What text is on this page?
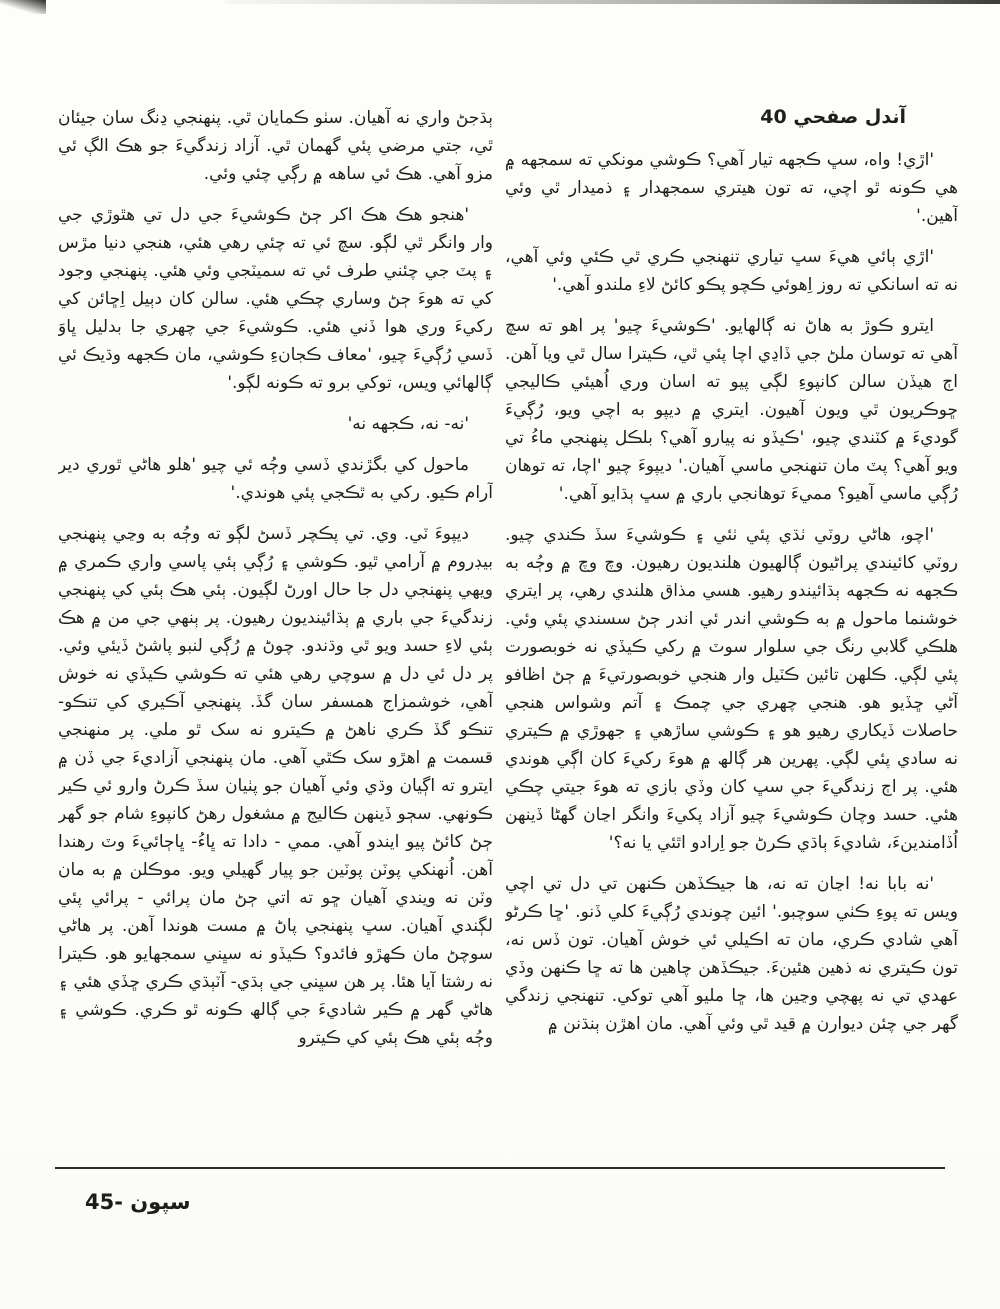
آندل صفحي 40

'اڙي! واه، سڀ ڪجهه تيار آهي؟ ڪوشي مونکي ته سمجهه ۾ هي ڪونه ٿو اچي، ته تون هيتري سمجهدار ۽ ذميدار ٿي وئي آهين.'

'اڙي ٻائي هيءَ سڀ تياري تنهنجي ڪري ٿي ڪئي وئي آهي، نه ته اسانکي ته روز اِهوئي ڪچو پڪو کائڻ لاءِ ملندو آهي.'

ايترو ڪوڙ به هاڻ نه ڳالهايو. 'ڪوشيءَ چيو' پر اهو ته سچ آهي ته توسان ملڻ جي ڏاڍي اچا پئي ٿي، ڪيترا سال ٿي ويا آهن. اڄ هيڏن سالن کانپوءِ لڳي پيو ته اسان وري اُهيئي ڪاليجي ڇوڪريون ٿي ويون آهيون. ايتري ۾ ديپو به اچي ويو، رُڳيءَ گوديءَ ۾ کٽندي چيو، 'ڪيڏو نه پيارو آهي؟ بلڪل پنهنجي ماءُ تي ويو آهي؟ پٽ مان تنهنجي ماسي آهيان.' ديپوءَ چيو 'اچا، ته توهان رُڳي ماسي آهيو؟ مميءَ توهانجي باري ۾ سڀ ٻڌايو آهي.'

'اچو، هاڻي روٽي ٺڌي پئي ٺئي ۽ ڪوشيءَ سڏ ڪندي چيو. روٽي کائيندي پراڻيون ڳالهيون هلنديون رهيون. وچ وچ ۾ وڄُه به ڪجهه نه ڪجهه ٻڌائيندو رهيو. هسي مذاق هلندي رهي، پر ايتري خوشنما ماحول ۾ به ڪوشي اندر ئي اندر ڄڻ سسندي پئي وئي. هلڪي گلابي رنگ جي سلوار سوٽ ۾ رکي ڪيڏي نه خوبصورت پئي لڳي. ڪلهن تائين ڪٽيل وار هنجي خوبصورتيءَ ۾ ڄڻ اظافو آڻي ڇڏيو هو. هنجي چهري جي چمڪ ۽ آتم وشواس هنجي حاصلات ڏيکاري رهيو هو ۽ ڪوشي ساڙهي ۽ جهوڙي ۾ ڪيتري نه سادي پئي لڳي. پهرين هر ڳالھ ۾ هوءَ رکيءَ کان اڳي هوندي هئي. پر اڄ زندگيءَ جي سڀ کان وڏي بازي ته هوءَ جيتي چڪي هئي. حسد وچان ڪوشيءَ چيو آزاد پکيءَ وانگر اڃان گهڻا ڏينهن اُڏامندينءَ، شاديءَ ٻاڌي ڪرڻ جو اِرادو اٿئي يا نه؟'

'نه بابا نه! اڃان ته نه، ها جيڪڏهن ڪنهن تي دل تي اچي ويس ته پوءِ ڪٺي سوچبو.' ائين چوندي رُڳيءَ کلي ڏنو. 'ڇا ڪرڻو آهي شادي ڪري، مان ته اڪيلي ئي خوش آهيان. تون ڏس نه، تون ڪيتري نه ذهين هئينءَ. جيڪڏهن چاهين ها ته ڇا ڪنهن وڏي عهدي تي نه پهچي وڃين ها، ڇا مليو آهي توکي. تنهنجي زندگي گهر جي چئن ديوارن ۾ قيد ٿي وئي آهي. مان اهڙن ٻنڌنن ۾

ٻڌجڻ واري نه آهيان. سٺو ڪمايان ٿي. پنهنجي ڍنگ سان جيئان ٿي، جتي مرضي پئي گهمان ٿي. آزاد زندگيءَ جو هڪ الڳ ئي مزو آهي. هڪ ئي ساهه ۾ رڳي چئي وئي.

'هنجو هڪ هڪ اکر ڄڻ ڪوشيءَ جي دل تي هٿوڙي جي وار وانگر ٿي لڳو. سچ ئي ته چئي رهي هئي، هنجي دنيا مڙس ۽ پٽ جي چئني طرف ئي ته سميٽجي وئي هئي. پنهنجي وجود کي ته هوءَ ڄڻ وساري چڪي هئي. سالن کان دٻيل اِڇائن کي رکيءَ وري هوا ڏني هئي. ڪوشيءَ جي چهري جا بدليل ڀاوَ ڏسي رُڳيءَ چيو، 'معاف ڪجانءِ ڪوشي، مان ڪجهه وڌيڪ ئي ڳالهائي ويس، توکي برو ته ڪونه لڳو.'

'نه- نه، ڪجهه نه'

ماحول کي بگڙندي ڏسي وڄُه ئي چيو 'هلو هاڻي ٿوري دير آرام ڪيو. رکي به ٿڪجي پئي هوندي.'

ديپوءَ ٽي. وي. تي پڪچر ڏسڻ لڳو ته وڄُه به وڃي پنهنجي بيڊروم ۾ آرامي ٿيو. ڪوشي ۽ رُڳي ٻئي پاسي واري ڪمري ۾ ويهي پنهنجي دل جا حال اورڻ لڳيون. ٻئي هڪ ٻئي کي پنهنجي زندگيءَ جي باري ۾ ٻڌائينديون رهيون. پر ٻنهي جي من ۾ هڪ ٻئي لاءِ حسد ويو ٿي وڌندو. چوڻ ۾ رُڳي لنبو پاشڻ ڏيئي وئي. پر دل ئي دل ۾ سوچي رهي هئي ته ڪوشي ڪيڏي نه خوش آهي، خوشمزاج همسفر سان گڏ. پنهنجي آڪيري کي تنڪو- تنڪو گڏ ڪري ناهڻ ۾ ڪيترو نه سک ٿو ملي. پر منهنجي قسمت ۾ اهڙو سک ڪٿي آهي. مان پنهنجي آزاديءَ جي ڏن ۾ ايترو ته اڳيان وڌي وئي آهيان جو پٺيان سڏ ڪرڻ وارو ئي ڪير ڪونهي. سڄو ڏينهن ڪاليج ۾ مشغول رهڻ کانپوءِ شام جو گهر ڄڻ کائڻ پيو ايندو آهي. ممي - دادا ته ڀاءُ- ڀاڄائيءَ وٽ رهندا آهن. اُنهنکي پوٽن پوٽين جو پيار گهيلي ويو. موڪلن ۾ به مان وٽن نه ويندي آهيان ڇو ته اتي ڄڻ مان پرائي - پرائي پئي لڳندي آهيان. سڀ پنهنجي پاڻ ۾ مست هوندا آهن. پر هاڻي سوچڻ مان ڪهڙو فائدو؟ ڪيڏو نه سڀني سمجهايو هو. ڪيترا نه رشتا آيا هئا. پر هن سڀني جي ٻڌي- آٽٻڌي ڪري ڇڏي هئي ۽ هاڻي گهر ۾ ڪير شاديءَ جي ڳالھ ڪونه ٿو ڪري. ڪوشي ۽ وڄُه ٻئي هڪ ٻئي کي ڪيترو

سپون -45
